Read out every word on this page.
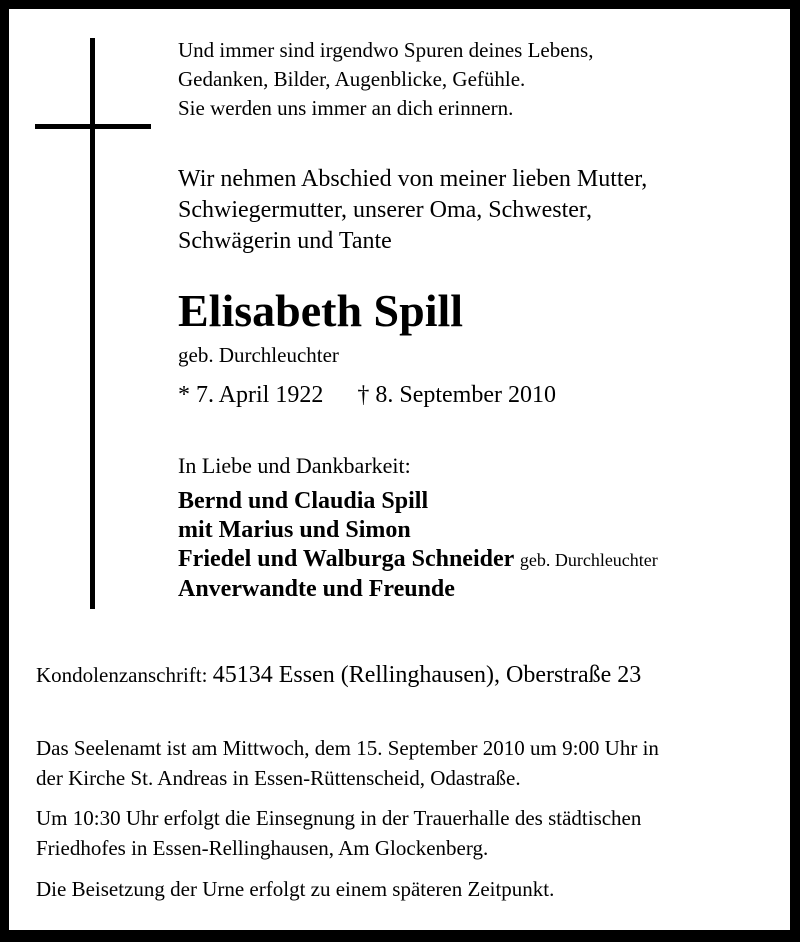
Und immer sind irgendwo Spuren deines Lebens,
Gedanken, Bilder, Augenblicke, Gefühle.
Sie werden uns immer an dich erinnern.
Wir nehmen Abschied von meiner lieben Mutter,
Schwiegermutter, unserer Oma, Schwester,
Schwägerin und Tante
Elisabeth Spill
geb. Durchleuchter
* 7. April 1922 † 8. September 2010
In Liebe und Dankbarkeit:
Bernd und Claudia Spill
mit Marius und Simon
Friedel und Walburga Schneider geb. Durchleuchter
Anverwandte und Freunde
Kondolenzanschrift: 45134 Essen (Rellinghausen), Oberstraße 23
Das Seelenamt ist am Mittwoch, dem 15. September 2010 um 9:00 Uhr in
der Kirche St. Andreas in Essen-Rüttenscheid, Odastraße.
Um 10:30 Uhr erfolgt die Einsegnung in der Trauerhalle des städtischen
Friedhofes in Essen-Rellinghausen, Am Glockenberg.
Die Beisetzung der Urne erfolgt zu einem späteren Zeitpunkt.
